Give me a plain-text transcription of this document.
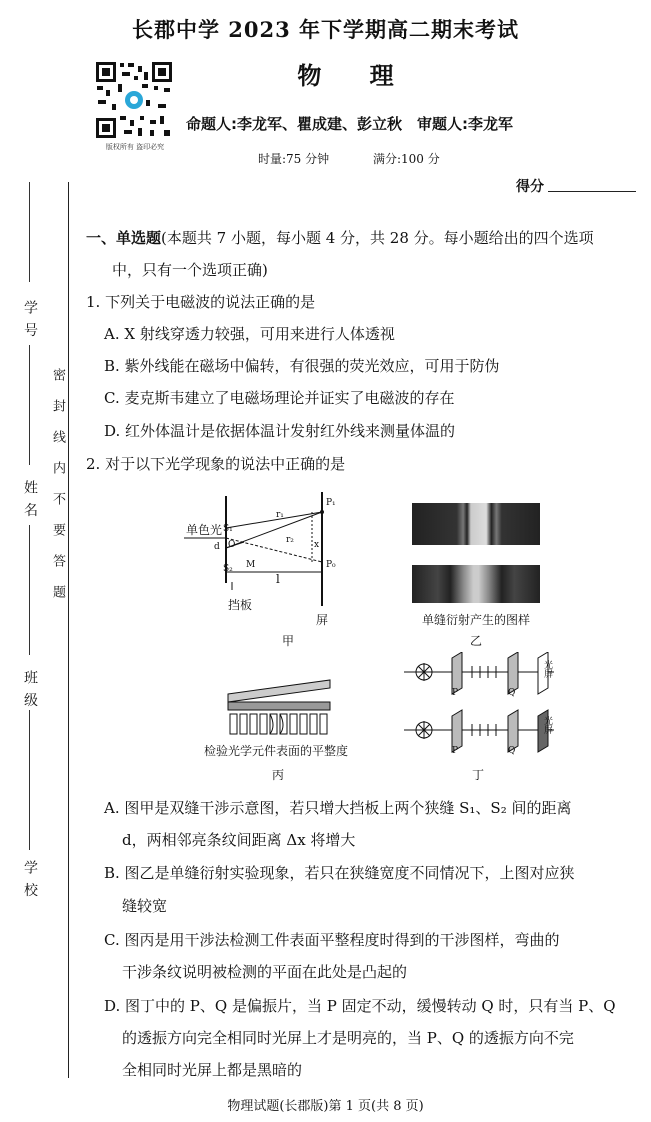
学 号
姓 名
班 级
学 校
密封线内不要答题
长郡中学 2023 年下学期高二期末考试
物 理
版权所有 盗印必究
命题人:李龙军、瞿成建、彭立秋　审题人:李龙军
时量:75 分钟	满分:100 分
得分
一、单选题(本题共 7 小题，每小题 4 分，共 28 分。每小题给出的四个选项
中，只有一个选项正确)
1. 下列关于电磁波的说法正确的是
A. X 射线穿透力较强，可用来进行人体透视
B. 紫外线能在磁场中偏转，有很强的荧光效应，可用于防伪
C. 麦克斯韦建立了电磁场理论并证实了电磁波的存在
D. 红外体温计是依据体温计发射红外线来测量体温的
2. 对于以下光学现象的说法中正确的是
单色光 S₁
O
d
S₂ M
r₁
r₂ x
P₁
P₀
l
挡板
屏
甲
单缝衍射产生的图样
乙
检验光学元件表面的平整度
丙
P	Q
P	Q
光屏
光屏
丁
A. 图甲是双缝干涉示意图，若只增大挡板上两个狭缝 S₁、S₂ 间的距离
d，两相邻亮条纹间距离 Δx 将增大
B. 图乙是单缝衍射实验现象，若只在狭缝宽度不同情况下，上图对应狭
缝较宽
C. 图丙是用干涉法检测工件表面平整程度时得到的干涉图样，弯曲的
干涉条纹说明被检测的平面在此处是凸起的
D. 图丁中的 P、Q 是偏振片，当 P 固定不动，缓慢转动 Q 时，只有当 P、Q
的透振方向完全相同时光屏上才是明亮的，当 P、Q 的透振方向不完
全相同时光屏上都是黑暗的
物理试题(长郡版)第 1 页(共 8 页)
